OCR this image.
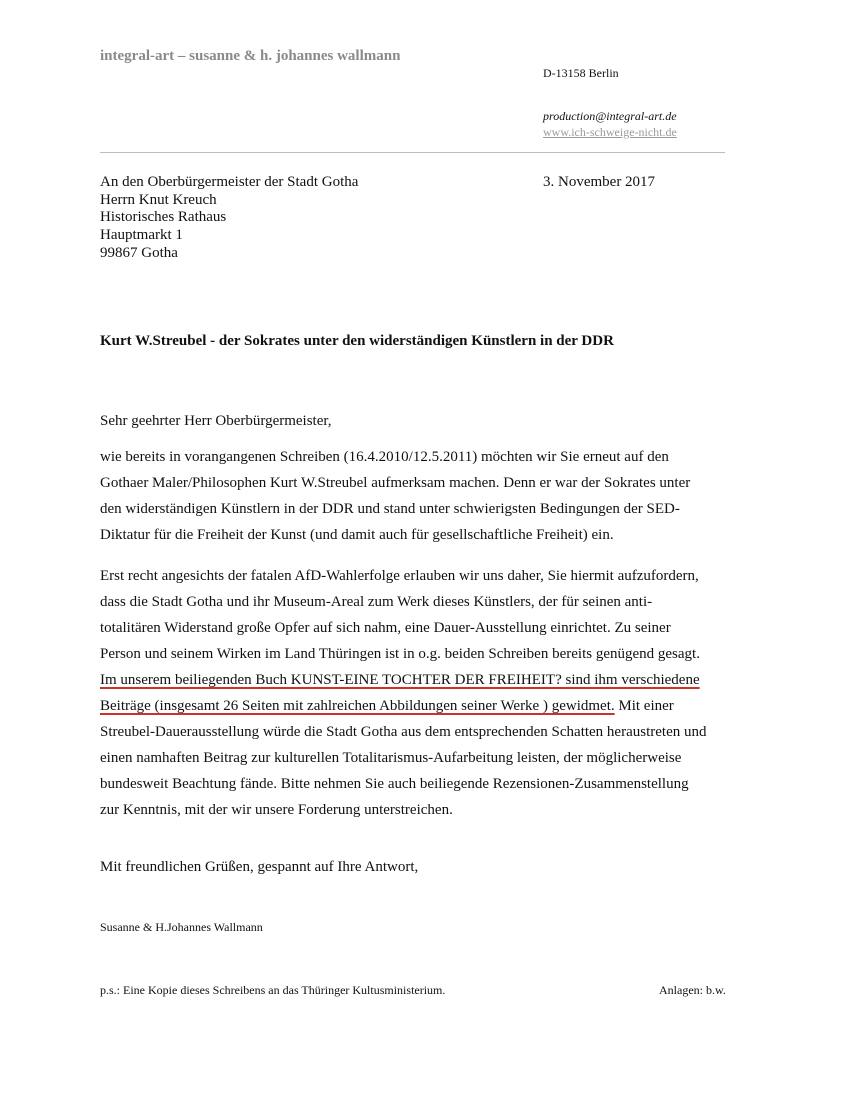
integral-art – susanne & h. johannes wallmann
D-13158 Berlin
production@integral-art.de
www.ich-schweige-nicht.de
An den Oberbürgermeister der Stadt Gotha
Herrn Knut Kreuch
Historisches Rathaus
Hauptmarkt 1
99867 Gotha
3. November 2017
Kurt W.Streubel - der Sokrates unter den widerständigen Künstlern in der DDR
Sehr geehrter Herr Oberbürgermeister,
wie bereits in vorangangenen Schreiben (16.4.2010/12.5.2011) möchten wir Sie erneut auf den
Gothaer Maler/Philosophen Kurt W.Streubel aufmerksam machen. Denn er war der Sokrates unter
den widerständigen Künstlern in der DDR und stand unter schwierigsten Bedingungen der SED-
Diktatur für die Freiheit der Kunst (und damit auch für gesellschaftliche Freiheit) ein.
Erst recht angesichts der fatalen AfD-Wahlerfolge erlauben wir uns daher, Sie hiermit aufzufordern,
dass die Stadt Gotha und ihr Museum-Areal zum Werk dieses Künstlers, der für seinen anti-
totalitären Widerstand große Opfer auf sich nahm, eine Dauer-Ausstellung einrichtet. Zu seiner
Person und seinem Wirken im Land Thüringen ist in o.g. beiden Schreiben bereits genügend gesagt.
Im unserem beiliegenden Buch KUNST-EINE TOCHTER DER FREIHEIT? sind ihm verschiedene
Beiträge (insgesamt 26 Seiten mit zahlreichen Abbildungen seiner Werke ) gewidmet. Mit einer
Streubel-Dauerausstellung würde die Stadt Gotha aus dem entsprechenden Schatten heraustreten und
einen namhaften Beitrag zur kulturellen Totalitarismus-Aufarbeitung leisten, der möglicherweise
bundesweit Beachtung fände. Bitte nehmen Sie auch beiliegende Rezensionen-Zusammenstellung
zur Kenntnis, mit der wir unsere Forderung unterstreichen.
Mit freundlichen Grüßen, gespannt auf Ihre Antwort,
Susanne & H.Johannes Wallmann
p.s.: Eine Kopie dieses Schreibens an das Thüringer Kultusministerium.	Anlagen: b.w.
